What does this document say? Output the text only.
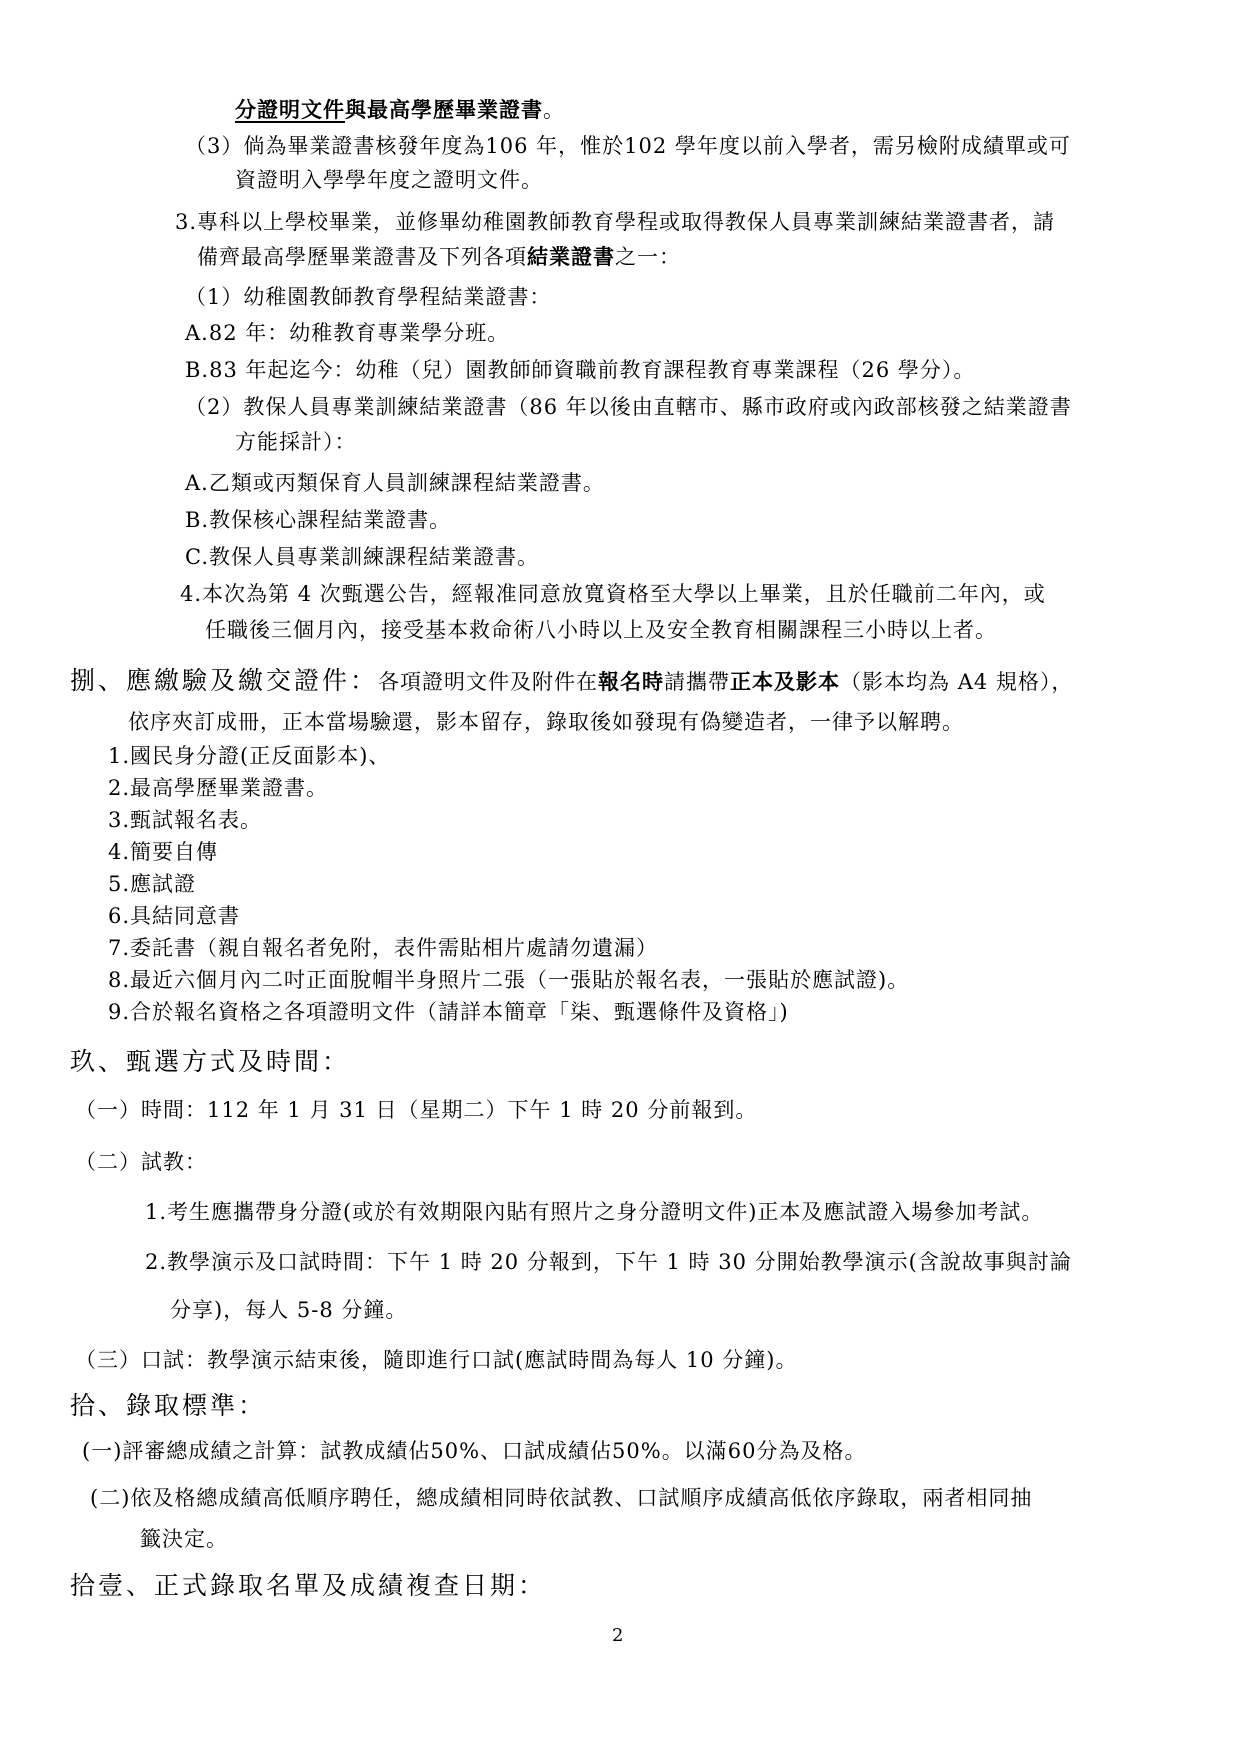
分證明文件與最高學歷畢業證書。
（3）倘為畢業證書核發年度為106 年，惟於102 學年度以前入學者，需另檢附成績單或可
資證明入學學年度之證明文件。
3.專科以上學校畢業，並修畢幼稚園教師教育學程或取得教保人員專業訓練結業證書者，請
備齊最高學歷畢業證書及下列各項結業證書之一：
（1）幼稚園教師教育學程結業證書：
A.82 年：幼稚教育專業學分班。
B.83 年起迄今：幼稚（兒）園教師師資職前教育課程教育專業課程（26 學分）。
（2）教保人員專業訓練結業證書（86 年以後由直轄市、縣市政府或內政部核發之結業證書
方能採計）：
A.乙類或丙類保育人員訓練課程結業證書。
B.教保核心課程結業證書。
C.教保人員專業訓練課程結業證書。
4.本次為第 4 次甄選公告，經報准同意放寬資格至大學以上畢業，且於任職前二年內，或
任職後三個月內，接受基本救命術八小時以上及安全教育相關課程三小時以上者。
捌、應繳驗及繳交證件：各項證明文件及附件在報名時請攜帶正本及影本（影本均為 A4 規格），
依序夾訂成冊，正本當場驗還，影本留存，錄取後如發現有偽變造者，一律予以解聘。
1.國民身分證(正反面影本)、
2.最高學歷畢業證書。
3.甄試報名表。
4.簡要自傳
5.應試證
6.具結同意書
7.委託書（親自報名者免附，表件需貼相片處請勿遺漏）
8.最近六個月內二吋正面脫帽半身照片二張（一張貼於報名表，一張貼於應試證)。
9.合於報名資格之各項證明文件（請詳本簡章「柒、甄選條件及資格」)
玖、甄選方式及時間：
（一）時間：112 年 1 月 31 日（星期二）下午 1 時 20 分前報到。
（二）試教：
1.考生應攜帶身分證(或於有效期限內貼有照片之身分證明文件)正本及應試證入場參加考試。
2.教學演示及口試時間：下午 1 時 20 分報到，下午 1 時 30 分開始教學演示(含說故事與討論
分享)，每人 5-8 分鐘。
（三）口試：教學演示結束後，隨即進行口試(應試時間為每人 10 分鐘)。
拾、錄取標準：
(一)評審總成績之計算：試教成績佔50%、口試成績佔50%。以滿60分為及格。
(二)依及格總成績高低順序聘任，總成績相同時依試教、口試順序成績高低依序錄取，兩者相同抽
籤決定。
拾壹、正式錄取名單及成績複查日期：
2
